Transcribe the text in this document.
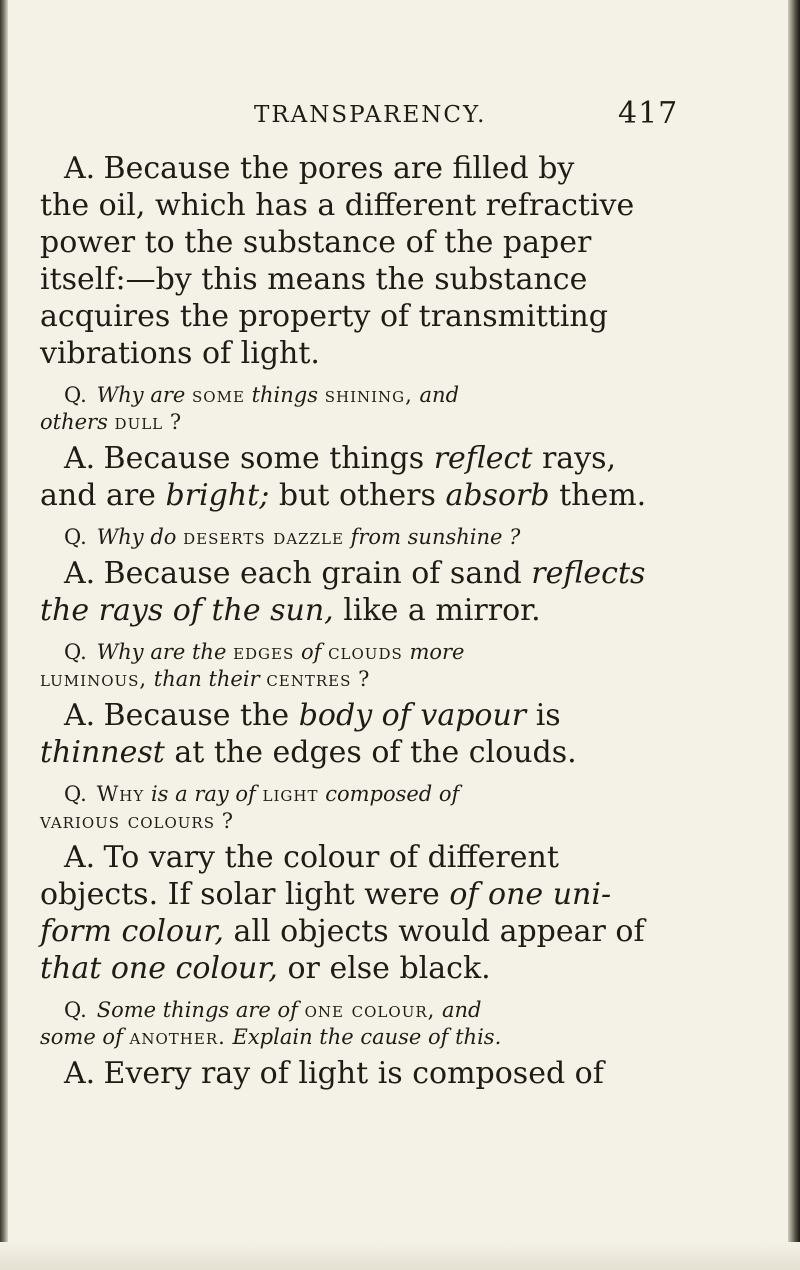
TRANSPARENCY.	417
A. Because the pores are filled by
the oil, which has a different refractive
power to the substance of the paper
itself:—by this means the substance
acquires the property of transmitting
vibrations of light.
Q. Why are some things shining, and
others dull ?
A. Because some things reflect rays,
and are bright; but others absorb them.
Q. Why do deserts dazzle from sunshine ?
A. Because each grain of sand reflects
the rays of the sun, like a mirror.
Q. Why are the edges of clouds more
luminous, than their centres ?
A. Because the body of vapour is
thinnest at the edges of the clouds.
Q. Why is a ray of light composed of
various colours ?
A. To vary the colour of different
objects. If solar light were of one uni-
form colour, all objects would appear of
that one colour, or else black.
Q. Some things are of one colour, and
some of another. Explain the cause of this.
A. Every ray of light is composed of
